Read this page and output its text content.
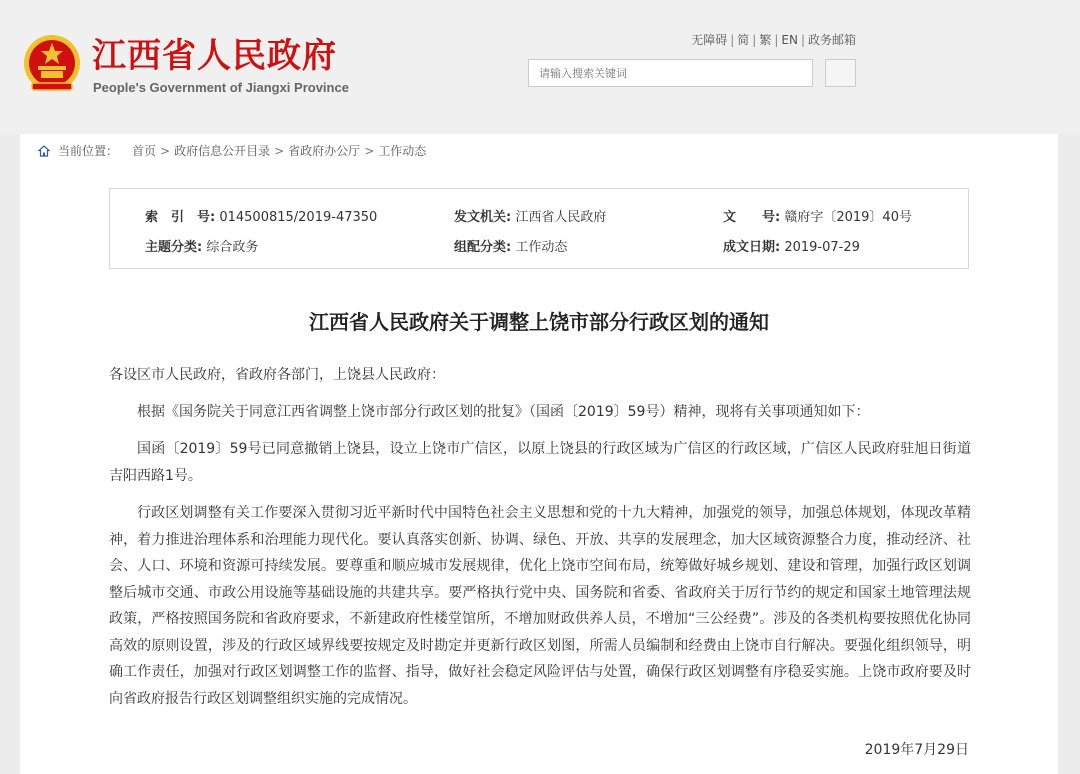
江西省人民政府
People's Government of Jiangxi Province
无障碍 | 简 | 繁 | EN | 政务邮箱
请输入搜索关键词
当前位置： 首页 > 政府信息公开目录 > 省政府办公厅 > 工作动态
索　引　号: 014500815/2019-47350	发文机关: 江西省人民政府	文　　号: 赣府字〔2019〕40号
主题分类: 综合政务	组配分类: 工作动态	成文日期: 2019-07-29
江西省人民政府关于调整上饶市部分行政区划的通知

各设区市人民政府，省政府各部门，上饶县人民政府：

根据《国务院关于同意江西省调整上饶市部分行政区划的批复》（国函〔2019〕59号）精神，现将有关事项通知如下：

国函〔2019〕59号已同意撤销上饶县，设立上饶市广信区，以原上饶县的行政区域为广信区的行政区域，广信区人民政府驻旭日街道吉阳西路1号。

行政区划调整有关工作要深入贯彻习近平新时代中国特色社会主义思想和党的十九大精神，加强党的领导，加强总体规划，体现改革精神，着力推进治理体系和治理能力现代化。要认真落实创新、协调、绿色、开放、共享的发展理念，加大区域资源整合力度，推动经济、社会、人口、环境和资源可持续发展。要尊重和顺应城市发展规律，优化上饶市空间布局，统筹做好城乡规划、建设和管理，加强行政区划调整后城市交通、市政公用设施等基础设施的共建共享。要严格执行党中央、国务院和省委、省政府关于厉行节约的规定和国家土地管理法规政策，严格按照国务院和省政府要求，不新建政府性楼堂馆所，不增加财政供养人员，不增加“三公经费”。涉及的各类机构要按照优化协同高效的原则设置，涉及的行政区域界线要按规定及时勘定并更新行政区划图，所需人员编制和经费由上饶市自行解决。要强化组织领导，明确工作责任，加强对行政区划调整工作的监督、指导，做好社会稳定风险评估与处置，确保行政区划调整有序稳妥实施。上饶市政府要及时向省政府报告行政区划调整组织实施的完成情况。

2019年7月29日
